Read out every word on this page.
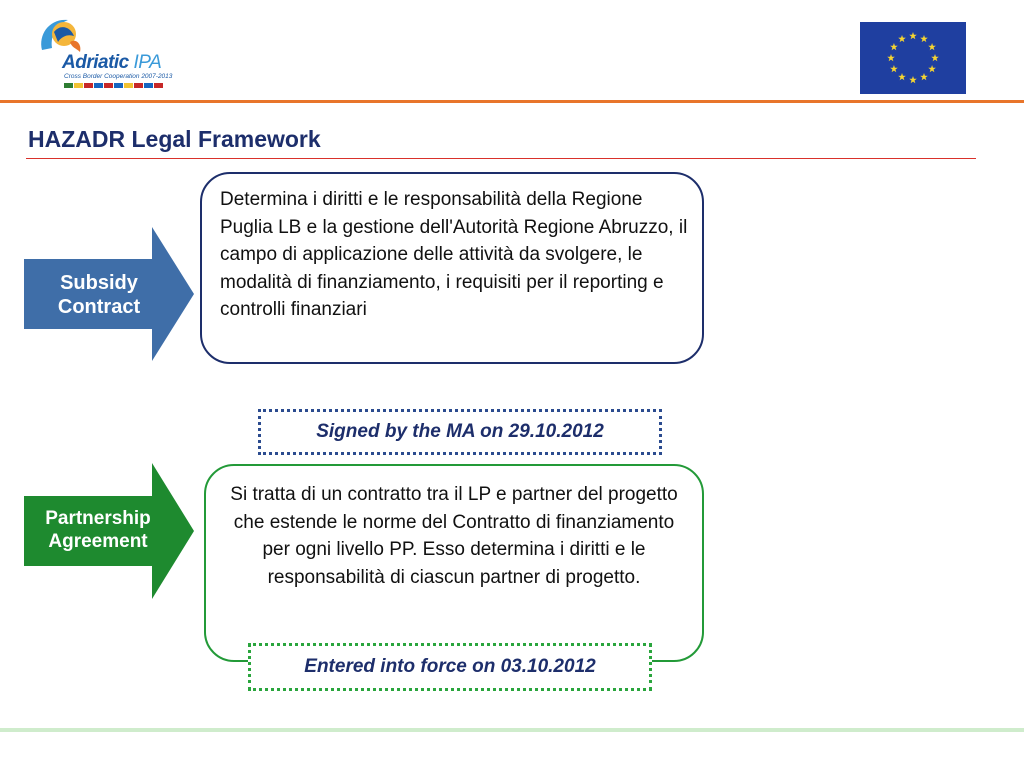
Adriatic IPA
Cross Border Cooperation 2007-2013
HAZADR Legal Framework
Subsidy
Contract
Determina i diritti e le responsabilità della Regione Puglia LB e la gestione dell'Autorità Regione Abruzzo, il campo di applicazione delle attività da svolgere, le modalità di finanziamento, i requisiti per il reporting e controlli finanziari
Signed by the MA on 29.10.2012
Partnership
Agreement
Si tratta di un contratto tra il LP e partner del progetto che estende le norme del Contratto di finanziamento per ogni livello PP. Esso determina i diritti e le responsabilità di ciascun partner di progetto.
Entered into force on 03.10.2012
